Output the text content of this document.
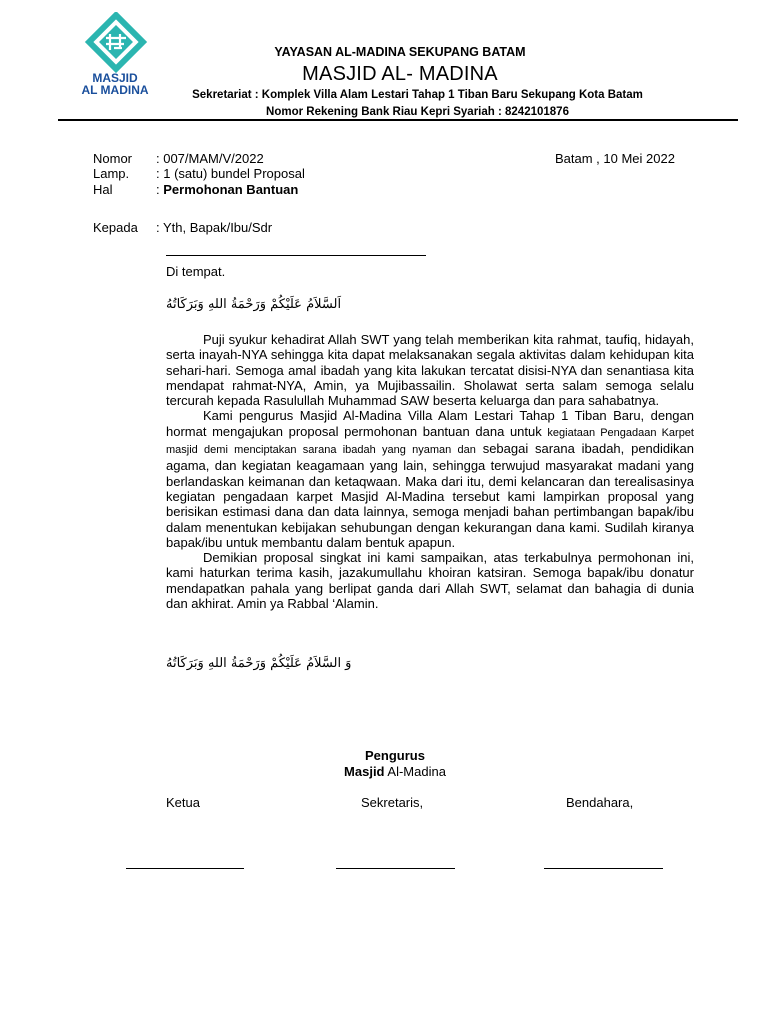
MASJID
AL MADINA
YAYASAN AL-MADINA SEKUPANG BATAM
MASJID AL- MADINA
Sekretariat : Komplek Villa Alam Lestari Tahap 1 Tiban Baru Sekupang Kota Batam
Nomor Rekening Bank Riau Kepri Syariah : 8242101876
Nomor : 007/MAM/V/2022	Batam , 10 Mei 2022
Lamp. : 1 (satu) bundel Proposal
Hal	: Permohonan Bantuan
Kepada : Yth, Bapak/Ibu/Sdr
Di tempat.
اَلسَّلاَمُ عَلَيْكُمْ وَرَحْمَةُ اللهِ وَبَرَكَاتُهُ

Puji syukur kehadirat Allah SWT yang telah memberikan kita rahmat, taufiq, hidayah, serta inayah-NYA sehingga kita dapat melaksanakan segala aktivitas dalam kehidupan kita sehari-hari. Semoga amal ibadah yang kita lakukan tercatat disisi-NYA dan senantiasa kita mendapat rahmat-NYA, Amin, ya Mujibassailin. Sholawat serta salam semoga selalu tercurah kepada Rasulullah Muhammad SAW beserta keluarga dan para sahabatnya.

Kami pengurus Masjid Al-Madina Villa Alam Lestari Tahap 1 Tiban Baru, dengan hormat mengajukan proposal permohonan bantuan dana untuk kegiataan Pengadaan Karpet masjid demi menciptakan sarana ibadah yang nyaman dan sebagai sarana ibadah, pendidikan agama, dan kegiatan keagamaan yang lain, sehingga terwujud masyarakat madani yang berlandaskan keimanan dan ketaqwaan. Maka dari itu, demi kelancaran dan terealisasinya kegiatan pengadaan karpet Masjid Al-Madina tersebut kami lampirkan proposal yang berisikan estimasi dana dan data lainnya, semoga menjadi bahan pertimbangan bapak/ibu dalam menentukan kebijakan sehubungan dengan kekurangan dana kami. Sudilah kiranya bapak/ibu untuk membantu dalam bentuk apapun.

Demikian proposal singkat ini kami sampaikan, atas terkabulnya permohonan ini, kami haturkan terima kasih, jazakumullahu khoiran katsiran. Semoga bapak/ibu donatur mendapatkan pahala yang berlipat ganda dari Allah SWT, selamat dan bahagia di dunia dan akhirat. Amin ya Rabbal ‘Alamin.

وَ السَّلاَمُ عَلَيْكُمْ وَرَحْمَةُ اللهِ وَبَرَكَاتُهُ
Pengurus
Masjid Al-Madina
Ketua	Sekretaris,	Bendahara,
